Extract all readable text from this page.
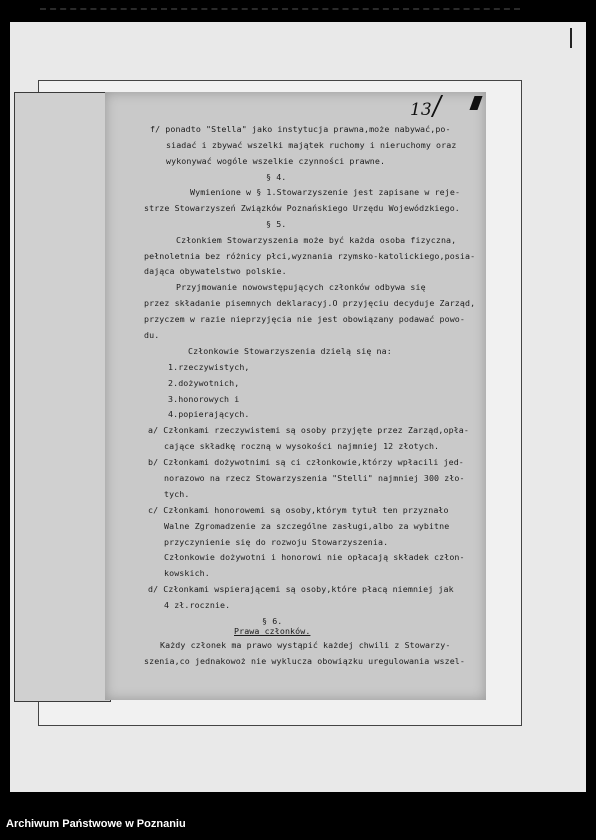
13
f/ ponadto "Stella" jako instytucja prawna,może nabywać,po-
siadać i zbywać wszelki majątek ruchomy i nieruchomy oraz
wykonywać wogóle wszelkie czynności prawne.
§ 4.
Wymienione w § 1.Stowarzyszenie jest zapisane w reje-
strze Stowarzyszeń Związków Poznańskiego Urzędu Wojewódzkiego.
§ 5.
Członkiem Stowarzyszenia może być każda osoba fizyczna,
pełnoletnia bez różnicy płci,wyznania rzymsko-katolickiego,posia-
dająca obywatelstwo polskie.
Przyjmowanie nowowstępujących członków odbywa się
przez składanie pisemnych deklaracyj.O przyjęciu decyduje Zarząd,
przyczem w razie nieprzyjęcia nie jest obowiązany podawać powo-
du.
Członkowie Stowarzyszenia dzielą się na:
1.rzeczywistych,
2.dożywotnich,
3.honorowych i
4.popierających.
a/ Członkami rzeczywistemi są osoby przyjęte przez Zarząd,opła-
cające składkę roczną w wysokości najmniej 12 złotych.
b/ Członkami dożywotnimi są ci członkowie,którzy wpłacili jed-
norazowo na rzecz Stowarzyszenia "Stelli" najmniej 300 zło-
tych.
c/ Członkami honorowemi są osoby,którym tytuł ten przyznało
Walne Zgromadzenie za szczególne zasługi,albo za wybitne
przyczynienie się do rozwoju Stowarzyszenia.
Członkowie dożywotni i honorowi nie opłacają składek człon-
kowskich.
d/ Członkami wspierającemi są osoby,które płacą niemniej jak
4 zł.rocznie.
§ 6.
Prawa członków.
Każdy członek ma prawo wystąpić każdej chwili z Stowarzy-
szenia,co jednakowoż nie wyklucza obowiązku uregulowania wszel-
Archiwum Państwowe w Poznaniu
